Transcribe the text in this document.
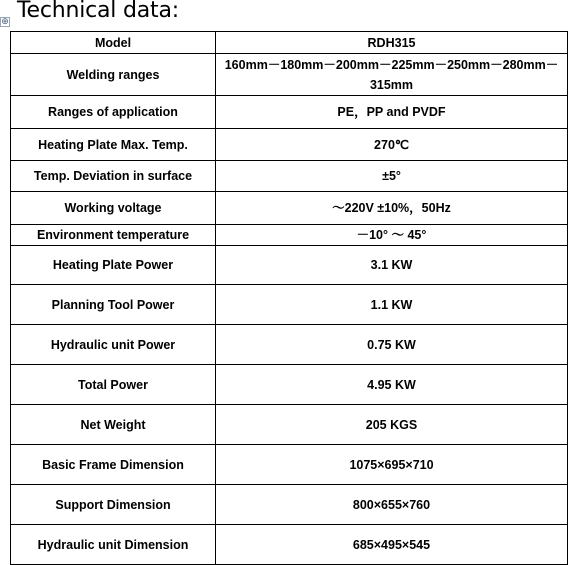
Technical data:
⊕
Model	RDH315
Welding ranges	160mm－180mm－200mm－225mm－250mm－280mm－315mm
Ranges of application	PE，PP and PVDF
Heating Plate Max. Temp.	270℃
Temp. Deviation in surface	±5°
Working voltage	～220V ±10%，50Hz
Environment temperature	－10° ～ 45°
Heating Plate Power	3.1 KW
Planning Tool Power	1.1 KW
Hydraulic unit Power	0.75 KW
Total Power	4.95 KW
Net Weight	205 KGS
Basic Frame Dimension	1075×695×710
Support Dimension	800×655×760
Hydraulic unit Dimension	685×495×545
